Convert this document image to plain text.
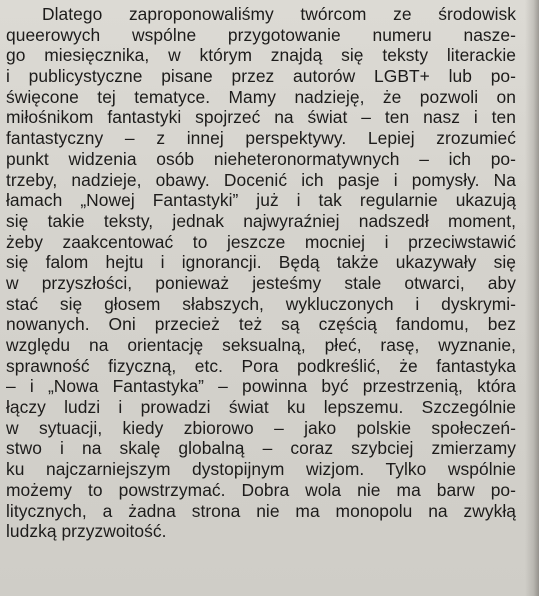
Dlatego zaproponowaliśmy twórcom ze środowisk
queerowych wspólne przygotowanie numeru nasze-
go miesięcznika, w którym znajdą się teksty literackie
i publicystyczne pisane przez autorów LGBT+ lub po-
święcone tej tematyce. Mamy nadzieję, że pozwoli on
miłośnikom fantastyki spojrzeć na świat – ten nasz i ten
fantastyczny – z innej perspektywy. Lepiej zrozumieć
punkt widzenia osób nieheteronormatywnych – ich po-
trzeby, nadzieje, obawy. Docenić ich pasje i pomysły. Na
łamach „Nowej Fantastyki” już i tak regularnie ukazują
się takie teksty, jednak najwyraźniej nadszedł moment,
żeby zaakcentować to jeszcze mocniej i przeciwstawić
się falom hejtu i ignorancji. Będą także ukazywały się
w przyszłości, ponieważ jesteśmy stale otwarci, aby
stać się głosem słabszych, wykluczonych i dyskrymi-
nowanych. Oni przecież też są częścią fandomu, bez
względu na orientację seksualną, płeć, rasę, wyznanie,
sprawność fizyczną, etc. Pora podkreślić, że fantastyka
– i „Nowa Fantastyka” – powinna być przestrzenią, która
łączy ludzi i prowadzi świat ku lepszemu. Szczególnie
w sytuacji, kiedy zbiorowo – jako polskie społeczeń-
stwo i na skalę globalną – coraz szybciej zmierzamy
ku najczarniejszym dystopijnym wizjom. Tylko wspólnie
możemy to powstrzymać. Dobra wola nie ma barw po-
litycznych, a żadna strona nie ma monopolu na zwykłą
ludzką przyzwoitość.
